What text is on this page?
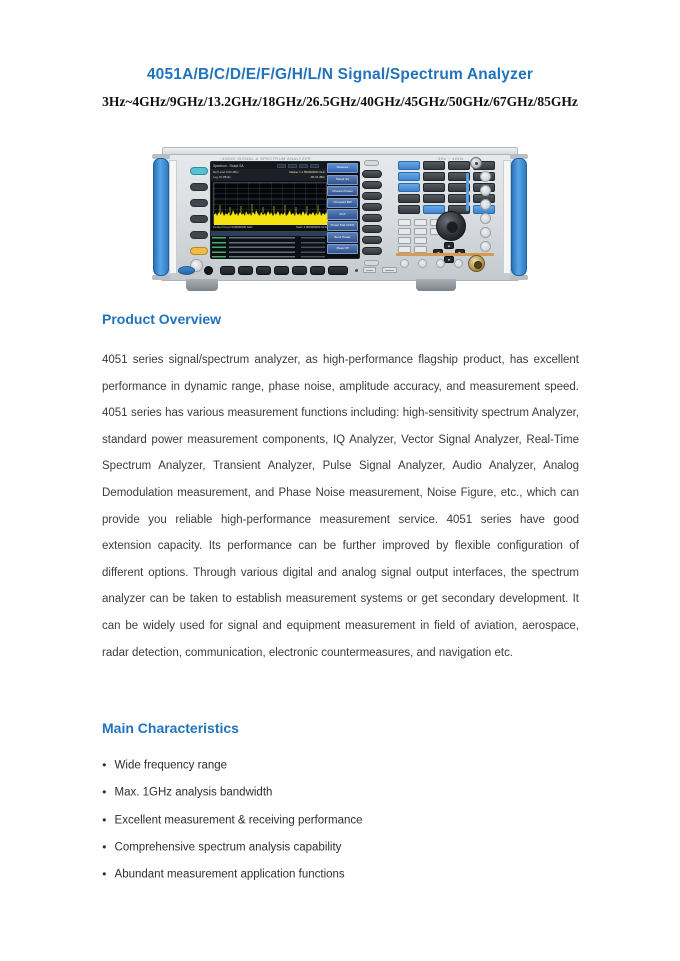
4051A/B/C/D/E/F/G/H/L/N Signal/Spectrum Analyzer
3Hz~4GHz/9GHz/13.2GHz/18GHz/26.5GHz/40GHz/45GHz/50GHz/67GHz/85GHz
4051E SIGNAL & SPECTRUM ANALYZER	3Hz ~ 4GHz
Spectrum - Swept SA
Ref Level 0.00 dBm
Log 10 dB/div
Marker 1 2.500000000 GHz
-80.31 dBm
Center Freq 2.000000000 GHz	Span 4.000000000 GHz
Measure
Swept SA
Channel Power
Occupied BW
ACP
Power Stat CCDF
Burst Power
Meas Off
▲
▼
Product Overview

4051 series signal/spectrum analyzer, as high-performance flagship product, has excellent performance in dynamic range, phase noise, amplitude accuracy, and measurement speed. 4051 series has various measurement functions including: high-sensitivity spectrum Analyzer, standard power measurement components, IQ Analyzer, Vector Signal Analyzer, Real-Time Spectrum Analyzer, Transient Analyzer, Pulse Signal Analyzer, Audio Analyzer, Analog Demodulation measurement, and Phase Noise measurement, Noise Figure, etc., which can provide you reliable high-performance measurement service. 4051 series have good extension capacity. Its performance can be further improved by flexible configuration of different options. Through various digital and analog signal output interfaces, the spectrum analyzer can be taken to establish measurement systems or get secondary development. It can be widely used for signal and equipment measurement in field of aviation, aerospace, radar detection, communication, electronic countermeasures, and navigation etc.

Main Characteristics
● Wide frequency range
● Max. 1GHz analysis bandwidth
● Excellent measurement & receiving performance
● Comprehensive spectrum analysis capability
● Abundant measurement application functions
